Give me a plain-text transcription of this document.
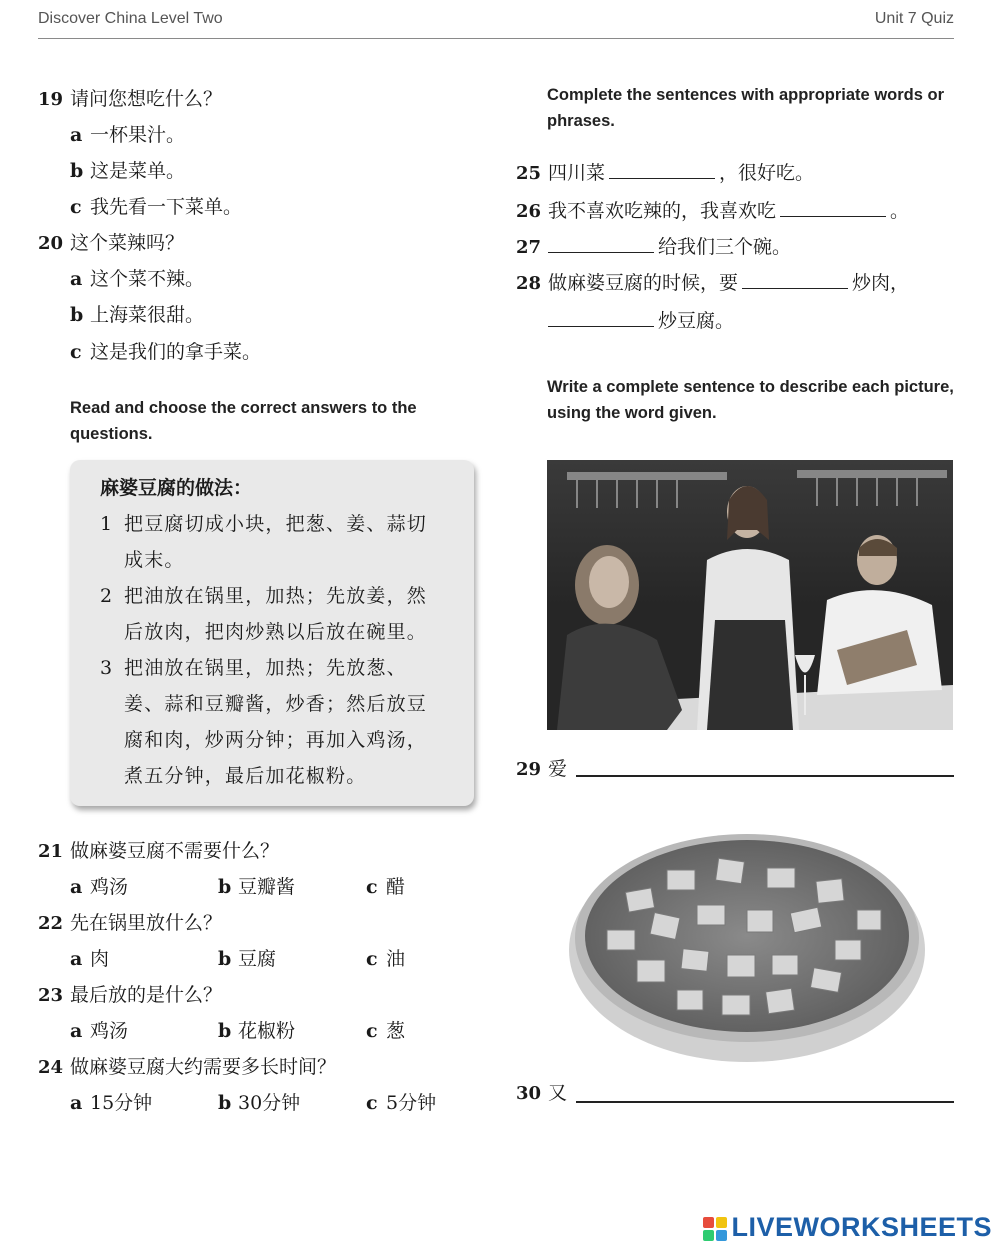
Discover China Level Two	Unit 7 Quiz
19 请问您想吃什么？
a 一杯果汁。
b 这是菜单。
c 我先看一下菜单。
20 这个菜辣吗？
a 这个菜不辣。
b 上海菜很甜。
c 这是我们的拿手菜。
Read and choose the correct answers to the questions.
麻婆豆腐的做法：
1 把豆腐切成小块，把葱、姜、蒜切
成末。
2 把油放在锅里，加热；先放姜，然
后放肉，把肉炒熟以后放在碗里。
3 把油放在锅里，加热；先放葱、
姜、蒜和豆瓣酱，炒香；然后放豆
腐和肉，炒两分钟；再加入鸡汤，
煮五分钟，最后加花椒粉。
21 做麻婆豆腐不需要什么？
a 鸡汤	b 豆瓣酱	c 醋
22 先在锅里放什么？
a 肉	b 豆腐	c 油
23 最后放的是什么？
a 鸡汤	b 花椒粉	c 葱
24 做麻婆豆腐大约需要多长时间？
a 15分钟	b 30分钟	c 5分钟
Complete the sentences with appropriate words or phrases.
25 四川菜	，很好吃。
26 我不喜欢吃辣的，我喜欢吃	。
27	给我们三个碗。
28 做麻婆豆腐的时候，要	炒肉，
炒豆腐。
Write a complete sentence to describe each picture, using the word given.
29 爱
30 又
LIVEWORKSHEETS
